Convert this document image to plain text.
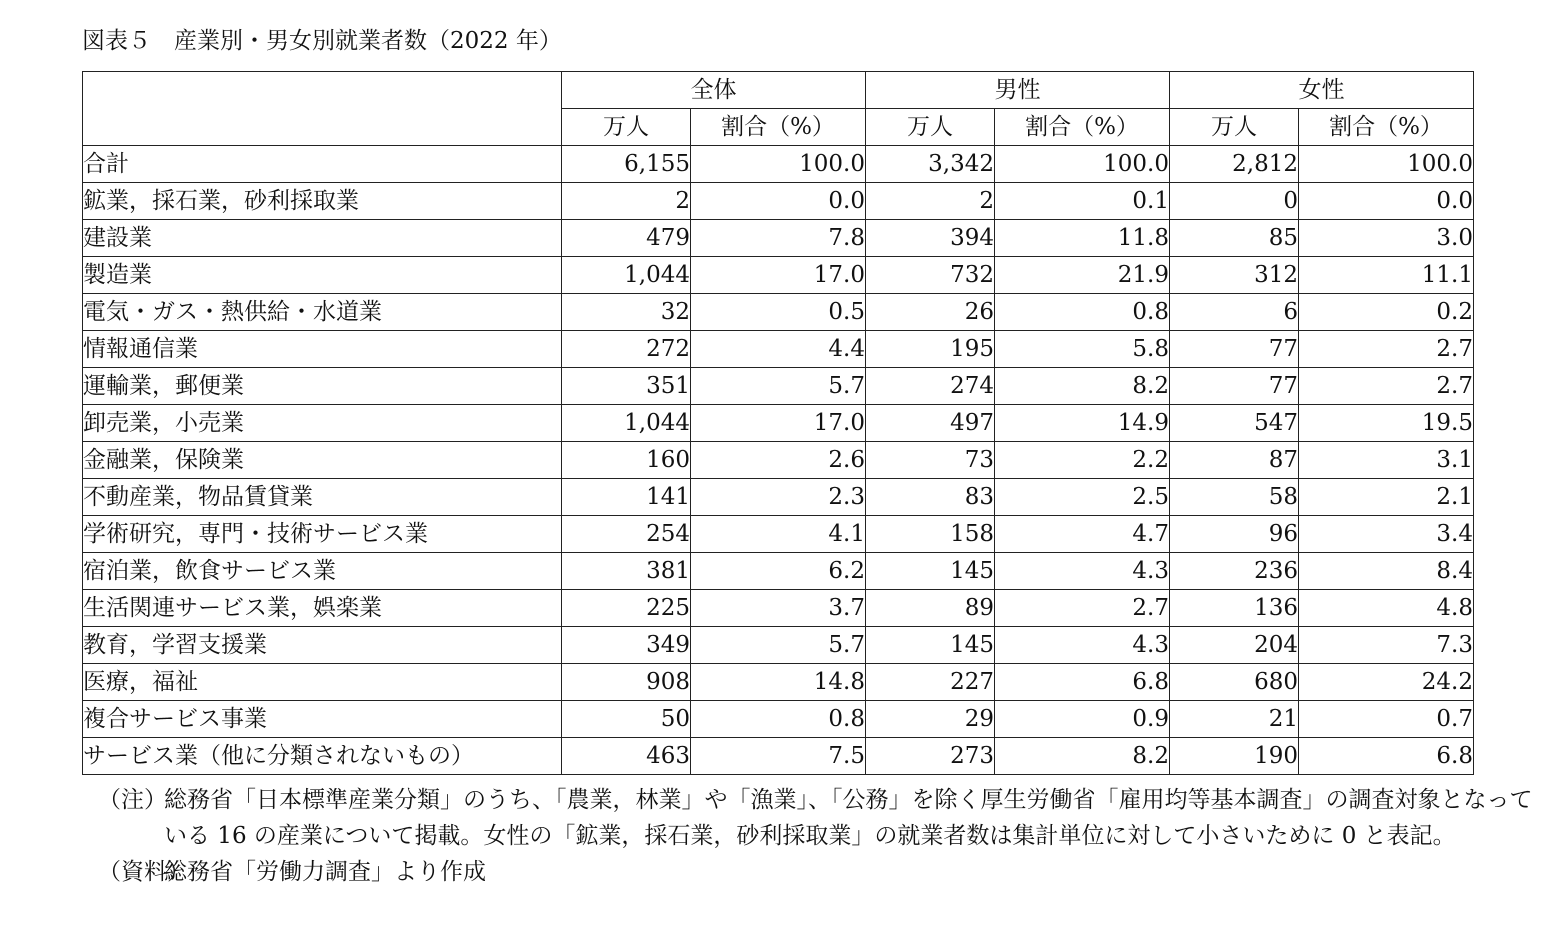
図表５　産業別・男女別就業者数（2022 年）
	全体		男性		女性	
	万人	割合（%）	万人	割合（%）	万人	割合（%）
合計	6,155	100.0	3,342	100.0	2,812	100.0
鉱業，採石業，砂利採取業	2	0.0	2	0.1	0	0.0
建設業	479	7.8	394	11.8	85	3.0
製造業	1,044	17.0	732	21.9	312	11.1
電気・ガス・熱供給・水道業	32	0.5	26	0.8	6	0.2
情報通信業	272	4.4	195	5.8	77	2.7
運輸業，郵便業	351	5.7	274	8.2	77	2.7
卸売業，小売業	1,044	17.0	497	14.9	547	19.5
金融業，保険業	160	2.6	73	2.2	87	3.1
不動産業，物品賃貸業	141	2.3	83	2.5	58	2.1
学術研究，専門・技術サービス業	254	4.1	158	4.7	96	3.4
宿泊業，飲食サービス業	381	6.2	145	4.3	236	8.4
生活関連サービス業，娯楽業	225	3.7	89	2.7	136	4.8
教育，学習支援業	349	5.7	145	4.3	204	7.3
医療，福祉	908	14.8	227	6.8	680	24.2
複合サービス事業	50	0.8	29	0.9	21	0.7
サービス業（他に分類されないもの）	463	7.5	273	8.2	190	6.8
（注）
総務省「日本標準産業分類」のうち、「農業，林業」や「漁業」、「公務」を除く厚生労働省「雇用均等基本調査」の調査対象となっている 16 の産業について掲載。女性の「鉱業，採石業，砂利採取業」の就業者数は集計単位に対して小さいために 0 と表記。
（資料）
総務省「労働力調査」より作成
